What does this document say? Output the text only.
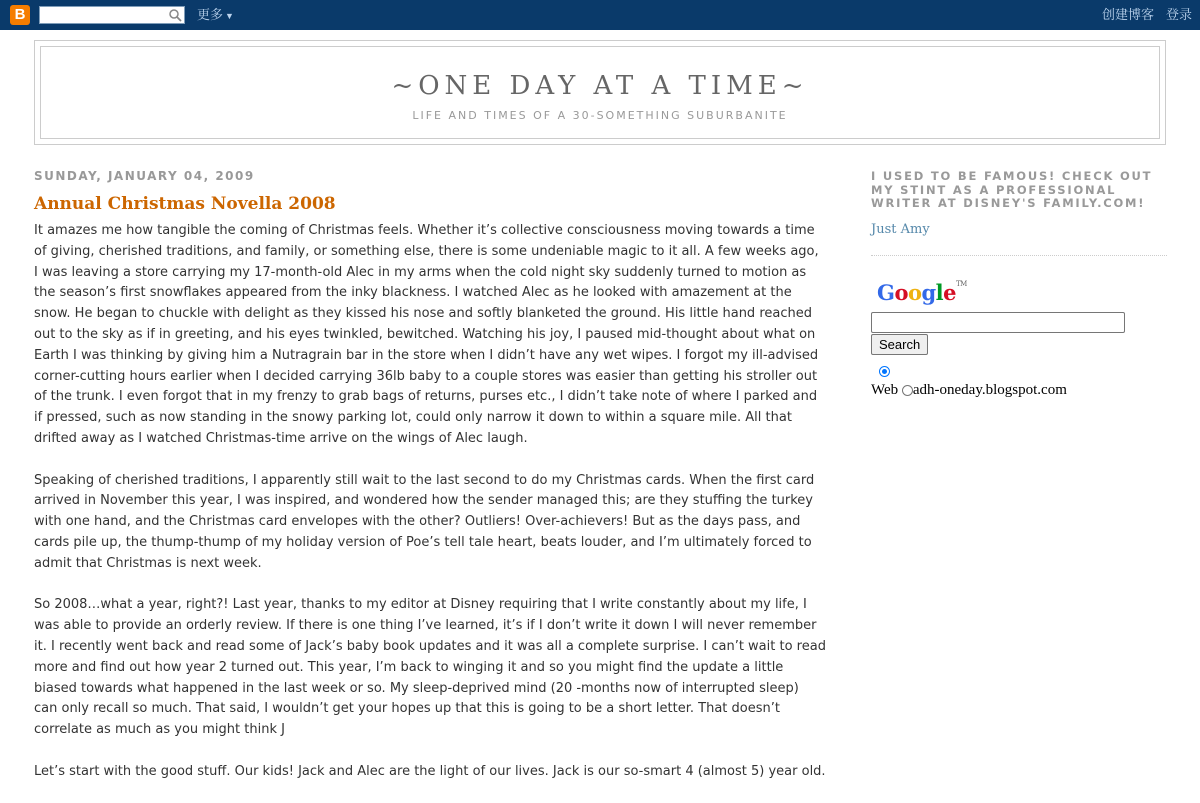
B	更多 ▼	创建博客 登录
~ONE DAY AT A TIME~
LIFE AND TIMES OF A 30-SOMETHING SUBURBANITE
SUNDAY, JANUARY 04, 2009
Annual Christmas Novella 2008

It amazes me how tangible the coming of Christmas feels. Whether it’s collective consciousness moving towards a time of giving, cherished traditions, and family, or something else, there is some undeniable magic to it all. A few weeks ago, I was leaving a store carrying my 17-month-old Alec in my arms when the cold night sky suddenly turned to motion as the season’s first snowflakes appeared from the inky blackness. I watched Alec as he looked with amazement at the snow. He began to chuckle with delight as they kissed his nose and softly blanketed the ground. His little hand reached out to the sky as if in greeting, and his eyes twinkled, bewitched. Watching his joy, I paused mid-thought about what on Earth I was thinking by giving him a Nutragrain bar in the store when I didn’t have any wet wipes. I forgot my ill-advised corner-cutting hours earlier when I decided carrying 36lb baby to a couple stores was easier than getting his stroller out of the trunk. I even forgot that in my frenzy to grab bags of returns, purses etc., I didn’t take note of where I parked and if pressed, such as now standing in the snowy parking lot, could only narrow it down to within a square mile. All that drifted away as I watched Christmas-time arrive on the wings of Alec laugh.

Speaking of cherished traditions, I apparently still wait to the last second to do my Christmas cards. When the first card arrived in November this year, I was inspired, and wondered how the sender managed this; are they stuffing the turkey with one hand, and the Christmas card envelopes with the other? Outliers! Over-achievers! But as the days pass, and cards pile up, the thump-thump of my holiday version of Poe’s tell tale heart, beats louder, and I’m ultimately forced to admit that Christmas is next week.

So 2008…what a year, right?! Last year, thanks to my editor at Disney requiring that I write constantly about my life, I was able to provide an orderly review. If there is one thing I’ve learned, it’s if I don’t write it down I will never remember it. I recently went back and read some of Jack’s baby book updates and it was all a complete surprise. I can’t wait to read more and find out how year 2 turned out. This year, I’m back to winging it and so you might find the update a little biased towards what happened in the last week or so. My sleep-deprived mind (20 -months now of interrupted sleep) can only recall so much. That said, I wouldn’t get your hopes up that this is going to be a short letter. That doesn’t correlate as much as you might think J

Let’s start with the good stuff. Our kids! Jack and Alec are the light of our lives. Jack is our so-smart 4 (almost 5) year old.

I USED TO BE FAMOUS! CHECK OUT MY STINT AS A PROFESSIONAL WRITER AT DISNEY'S FAMILY.COM!
Just Amy
Google™
Search
Web adh-oneday.blogspot.com
